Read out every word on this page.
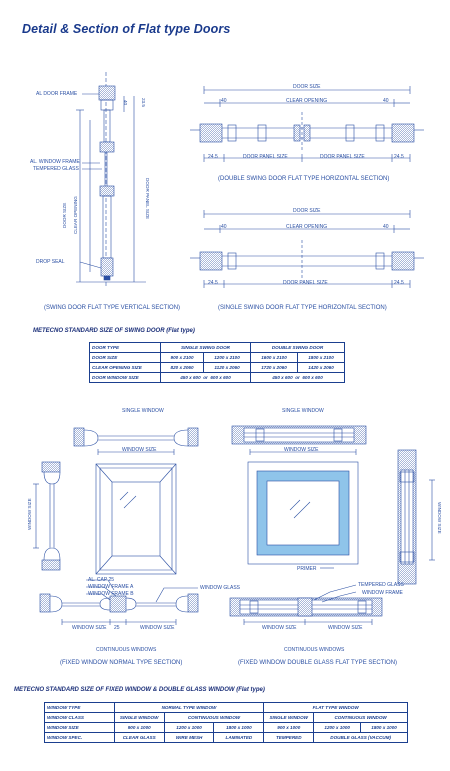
Detail & Section of Flat type Doors
AL DOOR FRAME
AL. WINDOW FRAME
TEMPERED GLASS
DROP SEAL
DOOR SIZE CLEAR OPENING	DOOR PANEL SIZE
23.5
40
(SWING DOOR FLAT TYPE VERTICAL SECTION)
DOOR SIZE
CLEAR OPENING
40	40
24.5	DOOR PANEL SIZE	DOOR PANEL SIZE	24.5
(DOUBLE SWING DOOR FLAT TYPE HORIZONTAL SECTION)
DOOR SIZE
CLEAR OPENING
40	40
24.5	DOOR PANEL SIZE	24.5
(SINGLE SWING DOOR FLAT TYPE HORIZONTAL SECTION)
METECNO STANDARD SIZE OF SWING DOOR (Flat type)
DOOR TYPE	SINGLE SWING DOOR		DOUBLE SWING DOOR	
DOOR SIZE	900 x 2100	1200 x 2100	1600 x 2100	1800 x 2100
CLEAR OPENING SIZE	820 x 2060	1120 x 2060	1720 x 2060	1420 x 2060
DOOR WINDOW SIZE	450 x 600 or 600 x 600		450 x 600 or 600 x 600	
SINGLE WINDOW
WINDOW SIZE
WINDOW SIZE
AL. CAP 25
WINDOW FRAME A
WINDOW FRAME B
WINDOW GLASS
WINDOW SIZE 25	WINDOW SIZE
CONTINUOUS WINDOWS
(FIXED WINDOW NORMAL TYPE SECTION)
SINGLE WINDOW
WINDOW SIZE
WINDOW SIZE
PRIMER
TEMPERED GLASS
WINDOW FRAME
WINDOW SIZE	WINDOW SIZE
CONTINUOUS WINDOWS
(FIXED WINDOW DOUBLE GLASS FLAT TYPE SECTION)
METECNO STANDARD SIZE OF FIXED WINDOW & DOUBLE GLASS WINDOW (Flat type)
WINDOW TYPE	NORMAL TYPE WINDOW			FLAT TYPE WINDOW		
WINDOW CLASS	SINGLE WINDOW	CONTINUOUS WINDOW		SINGLE WINDOW	CONTINUOUS WINDOW	
WINDOW SIZE	900 x 1000	1200 x 1000	1800 x 1000	900 x 1000	1200 x 1000	1800 x 1000
WINDOW SPEC.	CLEAR GLASS	WIRE MESH	LAMINATED	TEMPERED	DOUBLE GLASS (VACCUM)	
